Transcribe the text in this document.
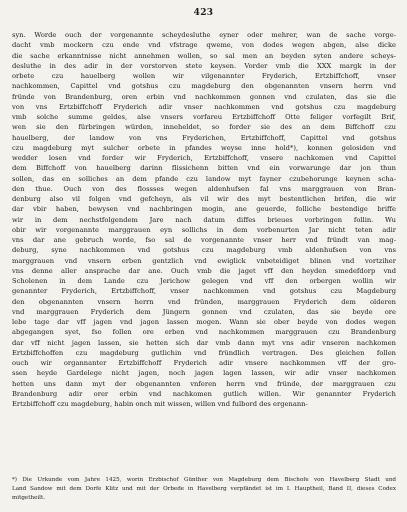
423
syn. Worde ouch der vorgenannte scheydesluthe eyner oder mehrer, wan de sache vorge-
dacht vmb mockern czu ende vnd vfstrage qweme, von dodes wegen abgen, alse dicke
die sache erkanntnisse nicht annehmen wollen, so sal men an beyden syten andere scheys-
desluthe in des adir in der vorstorven stete keysen. Vorder vmb die XXX margk in der
orbete czu hauelberg wollen wir vilgenannter Fryderich, Ertzbiffchoff, vnser
nachkommen, Capittel vnd gotshus czu magdeburg den obgenannten vnsern herrn vnd
fründe von Brandenburg, oren erbin vnd nachkommen gonnen vnd czulaten, das sie die
von vns Ertzbiffchoff Fryderich adir vnser nachkommen vnd gotshus czu magdeburg
vmb solche summe geldes, alse vnsers vorfareu Ertzbiffchoff Otte feliger vorfegilt Brif,
wen sie den fürbringen würden, inneheldet, so forder sie des an dem Biffchoff czu
hauelberg, der landow von vns Fryderichen, Ertzbiffchoff, Capittel vnd gotshus
czu magdeburg myt sulcher orbete in pfandes weyse inne hold*), konnen gelosiden vnd
wedder losen vnd forder wir Fryderich, Ertzbiffchoff, vnsere nachkomen vnd Capittel
dem Biffchoff von hauelberg darinn flissichenn bitten vnd ein vorwarunge dar jon thun
sollen, das en solliches an dem pfande czu landow myt fayner czubehorunge keynen scha-
den thue. Ouch von des flossses wegen aldenhufsen fal vns marggrauen von Bran-
denburg also vil folgen vnd gefcheyn, als vil wir des myt bestentlichen brifen, die wir
dar vbir haben, bewysen vnd nachbringen mogin, ane geuerde, folliche bestendige briffe
wir in dem nechstfolgendem Jare nach datum diffes brieues vorbringen follin. Wu
obir wir vorgenannte marggrauen eyn sollichs in dem vorbenurten Jar nicht teten adir
vns dar ane gebruch worde, fso sal de vorgenannte vnser herr vnd fründt van mag-
deburg, syne nachkommen vnd gotshus czu magdeburg vmb aldenhufsen von vns
marggrauen vnd vnsern erben gentzlich vnd ewiglick vnbeteidiget blinen vnd vortziher
vns denne aller ansprache dar ane. Ouch vmb die jaget vff den heyden smedefdorp vnd
Scholenen in dem Lande czu Jerichow gelegen vnd vff den orbergen wollin wir
genannter Fryderich, Ertzbiffchoff, vnser nachkommen vnd gotshus czu Magdeburg
den obgenannten vnsern herrn vnd fründen, marggrauen Fryderich dem olderen
vnd marggrauen Fryderich dem Jüngern gonnen vnd czulaten, das sie beyde ore
lebe tage dar vff jagen vnd jagen lassen mogen. Wann sie ober beyde von dodes wegen
abgegangen syet, fso follen ore erben vnd nachkommen marggrauen czu Brandenburg
dar vff nicht jagen lassen, sie hetten sich dar vmb dann myt vns adir vnseren nachkomen
Ertzbiffchoffen czu magdeburg gutlichin vnd fründlich vertragen. Des gleichen follen
ouch wir organnanter Ertzbiffchoff Fryderich adir vnsere nachkommen vff der gro-
ssen heyde Gardelege nicht jagen, noch jagen lagen lassen, wir adir vnser nachkomen
hetten uns dann myt der obgenannten vnferen herrn vnd fründe, der marggrauen czu
Brandenburg adir orer erbin vnd nachkomen gutlich willen. Wir genannter Fryderich
Ertzbiffchoff czu magdeburg, habin onch mit wissen, willen vnd fulbord des ergenann-
*) Die Urkunde vom Jahre 1425, worin Erzbischof Günther von Magdeburg dem Bischofe von Havelberg Stadt und
Land Sandow mit dem Dorfe Klitz und mit der Orbede in Havelberg verpfändet ist im I. Hauptheil, Band II, dieses Codex
mitgetheilt.
